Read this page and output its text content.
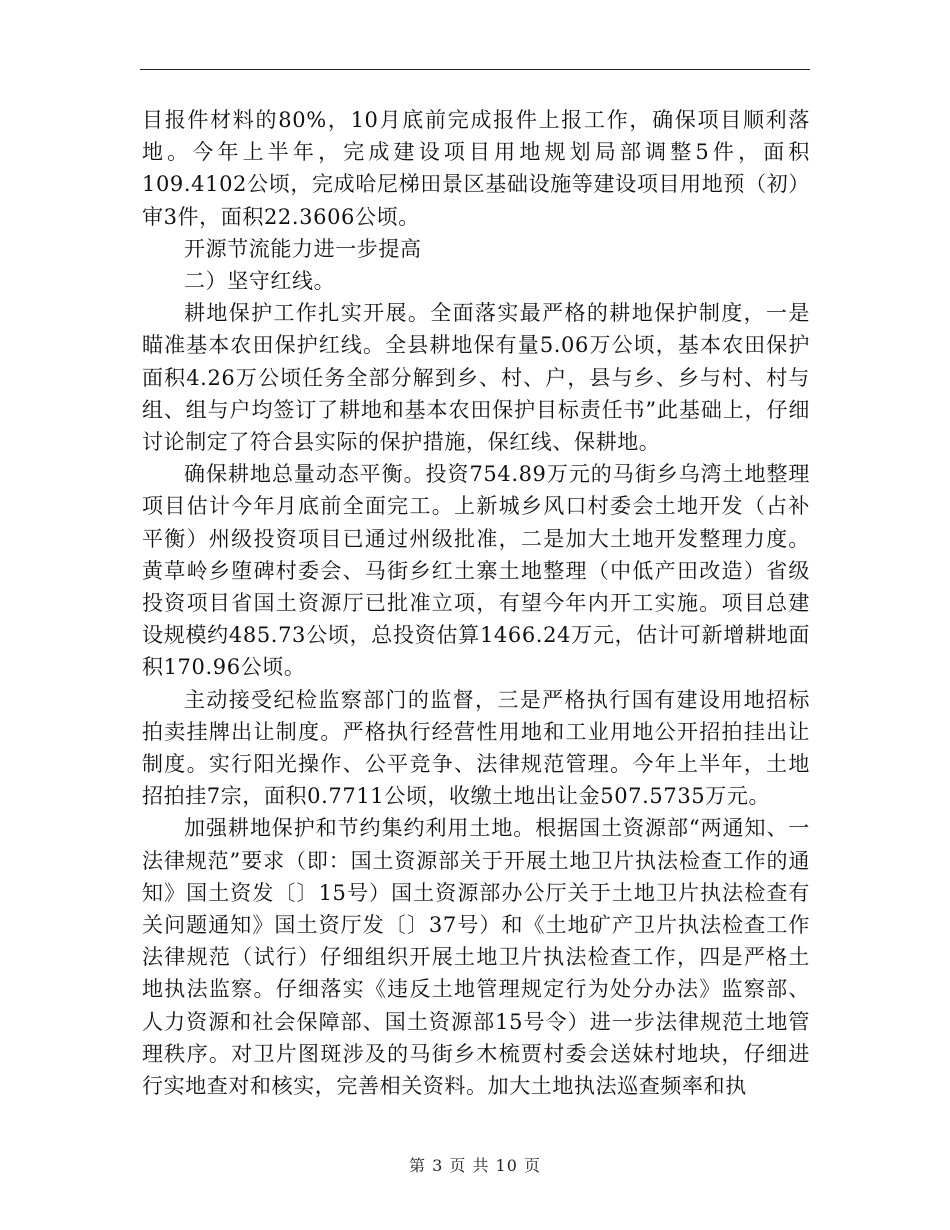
目报件材料的80%，10月底前完成报件上报工作，确保项目顺利落地。今年上半年，完成建设项目用地规划局部调整5件，面积109.4102公顷，完成哈尼梯田景区基础设施等建设项目用地预（初）审3件，面积22.3606公顷。

开源节流能力进一步提高

二）坚守红线。

耕地保护工作扎实开展。全面落实最严格的耕地保护制度，一是瞄准基本农田保护红线。全县耕地保有量5.06万公顷，基本农田保护面积4.26万公顷任务全部分解到乡、村、户，县与乡、乡与村、村与组、组与户均签订了耕地和基本农田保护目标责任书”此基础上，仔细讨论制定了符合县实际的保护措施，保红线、保耕地。

确保耕地总量动态平衡。投资754.89万元的马街乡乌湾土地整理项目估计今年月底前全面完工。上新城乡风口村委会土地开发（占补平衡）州级投资项目已通过州级批准，二是加大土地开发整理力度。黄草岭乡堕碑村委会、马街乡红土寨土地整理（中低产田改造）省级投资项目省国土资源厅已批准立项，有望今年内开工实施。项目总建设规模约485.73公顷，总投资估算1466.24万元，估计可新增耕地面积170.96公顷。

主动接受纪检监察部门的监督，三是严格执行国有建设用地招标拍卖挂牌出让制度。严格执行经营性用地和工业用地公开招拍挂出让制度。实行阳光操作、公平竞争、法律规范管理。今年上半年，土地招拍挂7宗，面积0.7711公顷，收缴土地出让金507.5735万元。

加强耕地保护和节约集约利用土地。根据国土资源部“两通知、一法律规范”要求（即：国土资源部关于开展土地卫片执法检查工作的通知》国土资发〔〕15号）国土资源部办公厅关于土地卫片执法检查有关问题通知》国土资厅发〔〕37号）和《土地矿产卫片执法检查工作法律规范（试行）仔细组织开展土地卫片执法检查工作，四是严格土地执法监察。仔细落实《违反土地管理规定行为处分办法》监察部、人力资源和社会保障部、国土资源部15号令）进一步法律规范土地管理秩序。对卫片图斑涉及的马街乡木梳贾村委会送妹村地块，仔细进行实地查对和核实，完善相关资料。加大土地执法巡查频率和执

第 3 页 共 10 页
